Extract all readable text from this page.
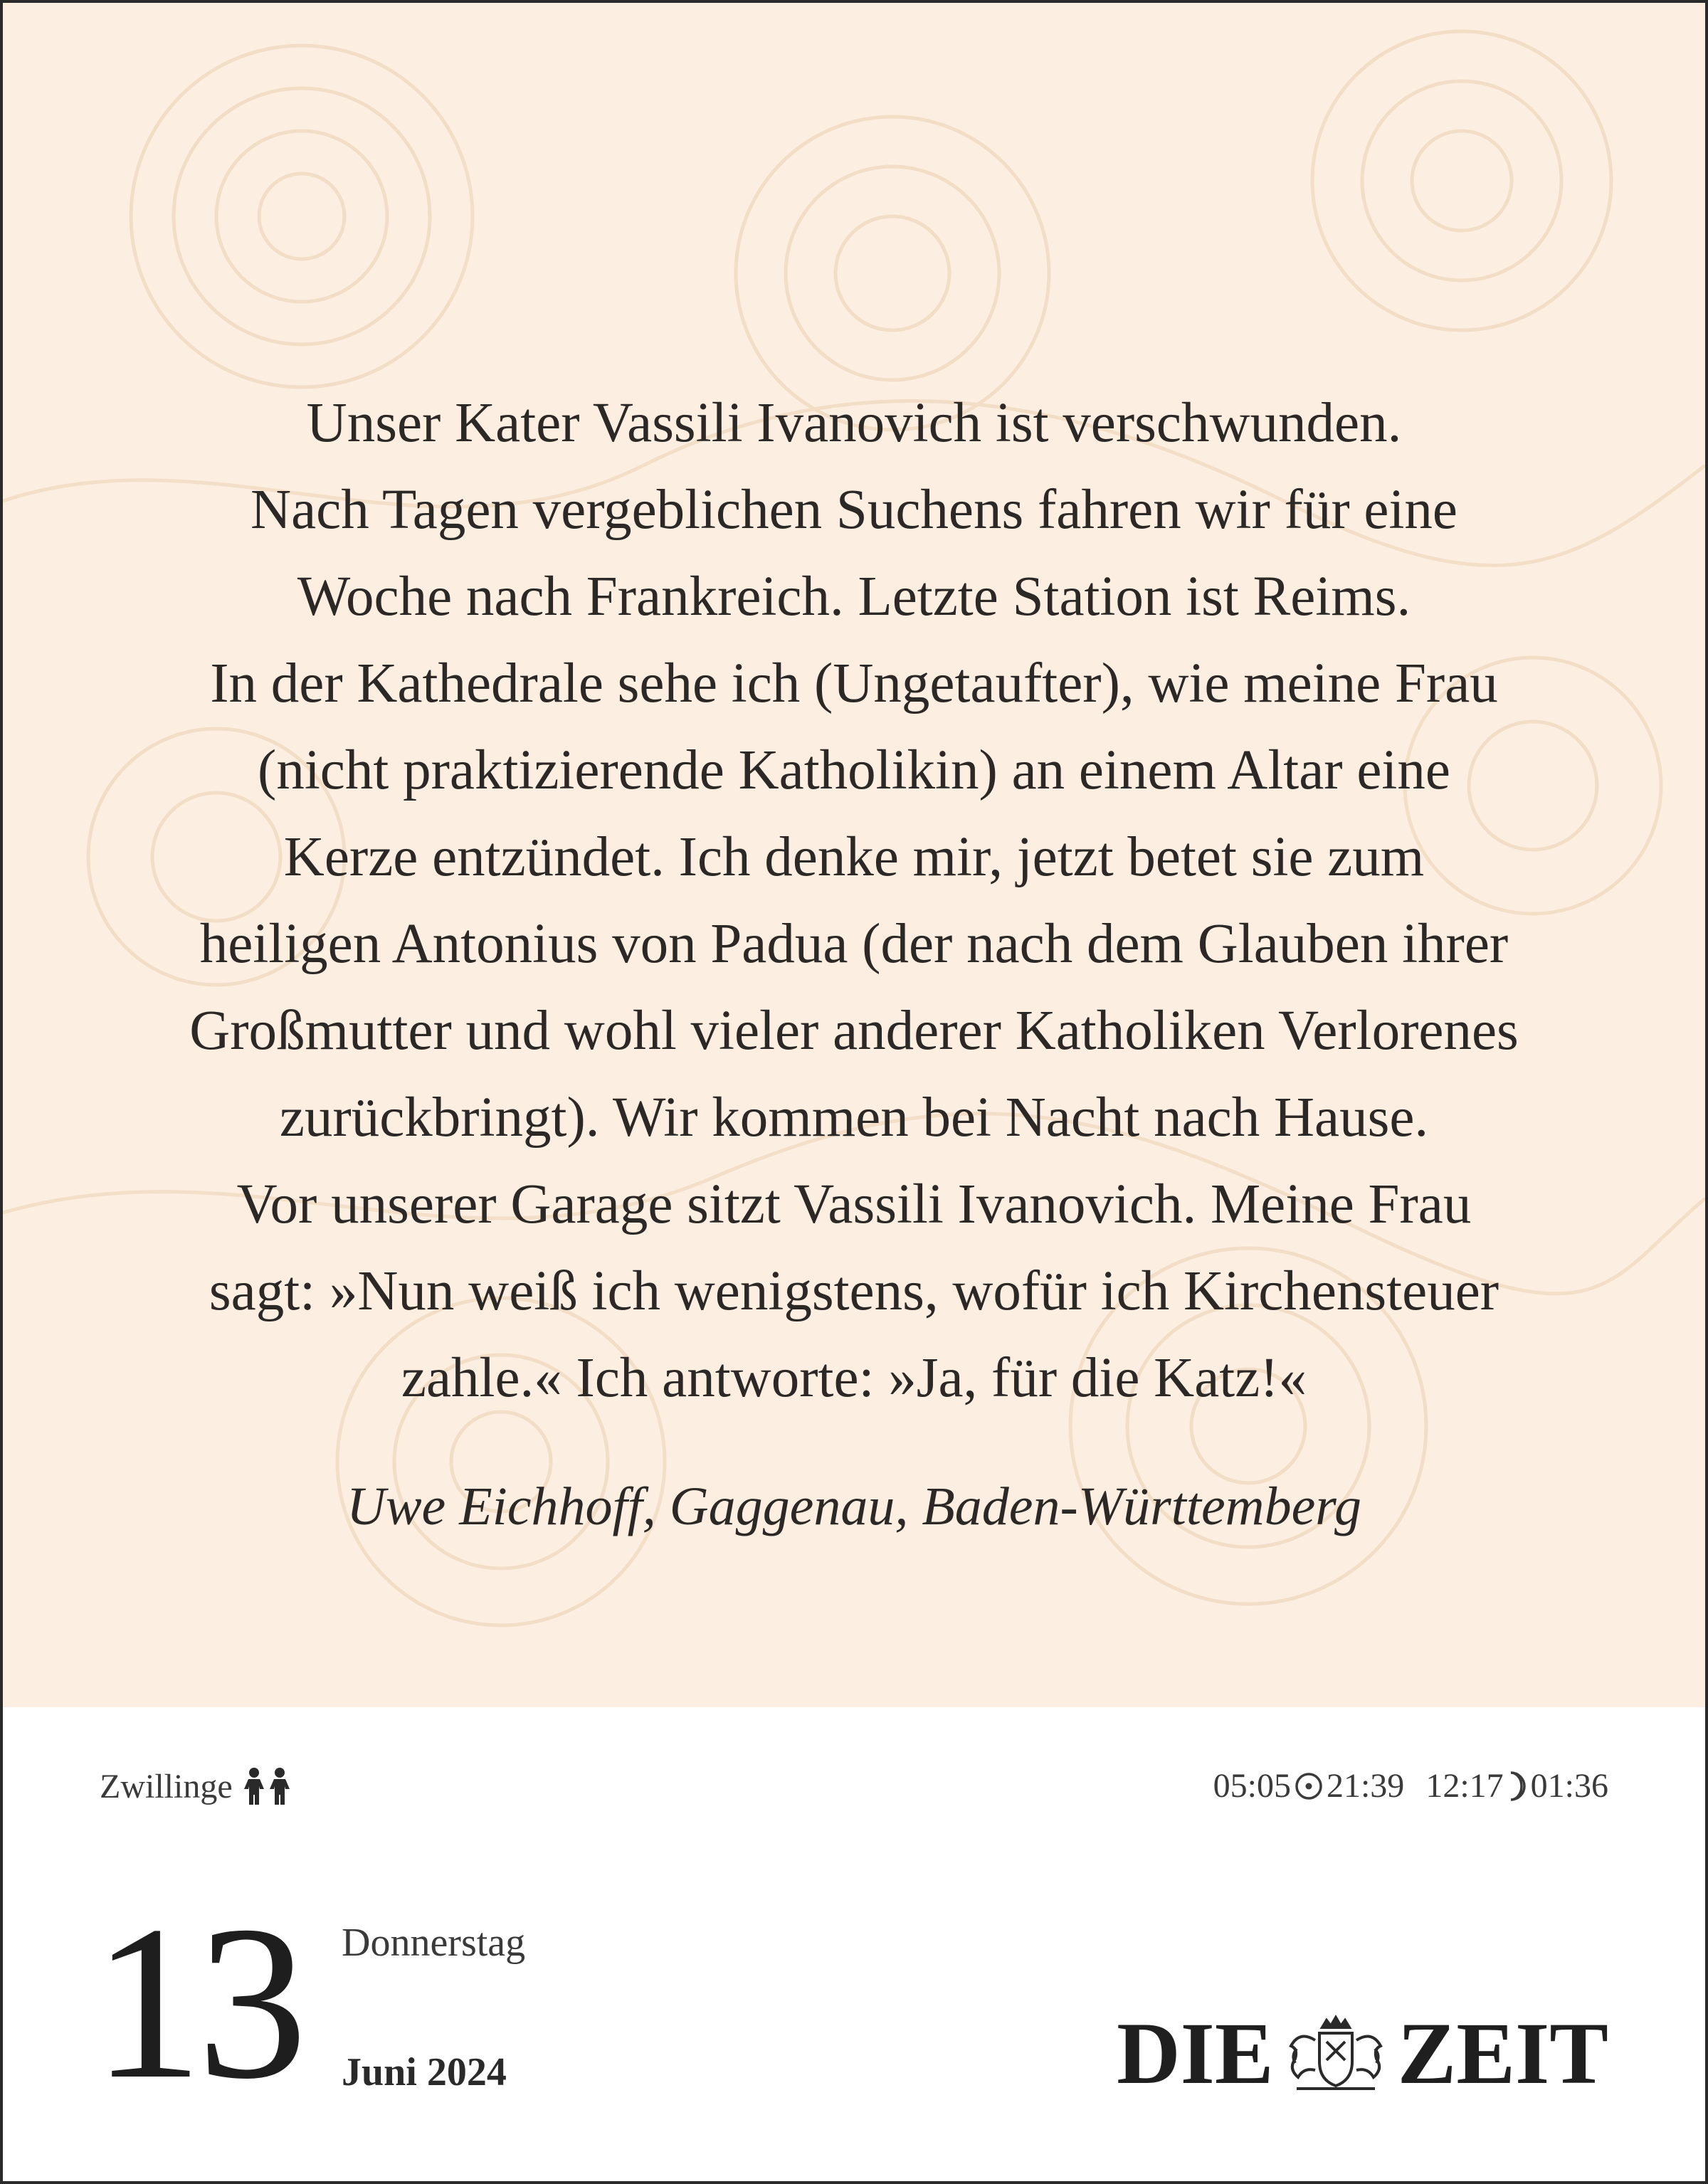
Unser Kater Vassili Ivanovich ist verschwunden.
Nach Tagen vergeblichen Suchens fahren wir für eine
Woche nach Frankreich. Letzte Station ist Reims.
In der Kathedrale sehe ich (Ungetaufter), wie meine Frau
(nicht praktizierende Katholikin) an einem Altar eine
Kerze entzündet. Ich denke mir, jetzt betet sie zum
heiligen Antonius von Padua (der nach dem Glauben ihrer
Großmutter und wohl vieler anderer Katholiken Verlorenes
zurückbringt). Wir kommen bei Nacht nach Hause.
Vor unserer Garage sitzt Vassili Ivanovich. Meine Frau
sagt: »Nun weiß ich wenigstens, wofür ich Kirchensteuer
zahle.« Ich antworte: »Ja, für die Katz!«

Uwe Eichhoff, Gaggenau, Baden-Württemberg
Zwillinge	05:05 21:39 12:17 01:36
13 Donnerstag
Juni 2024	DIE ZEIT
